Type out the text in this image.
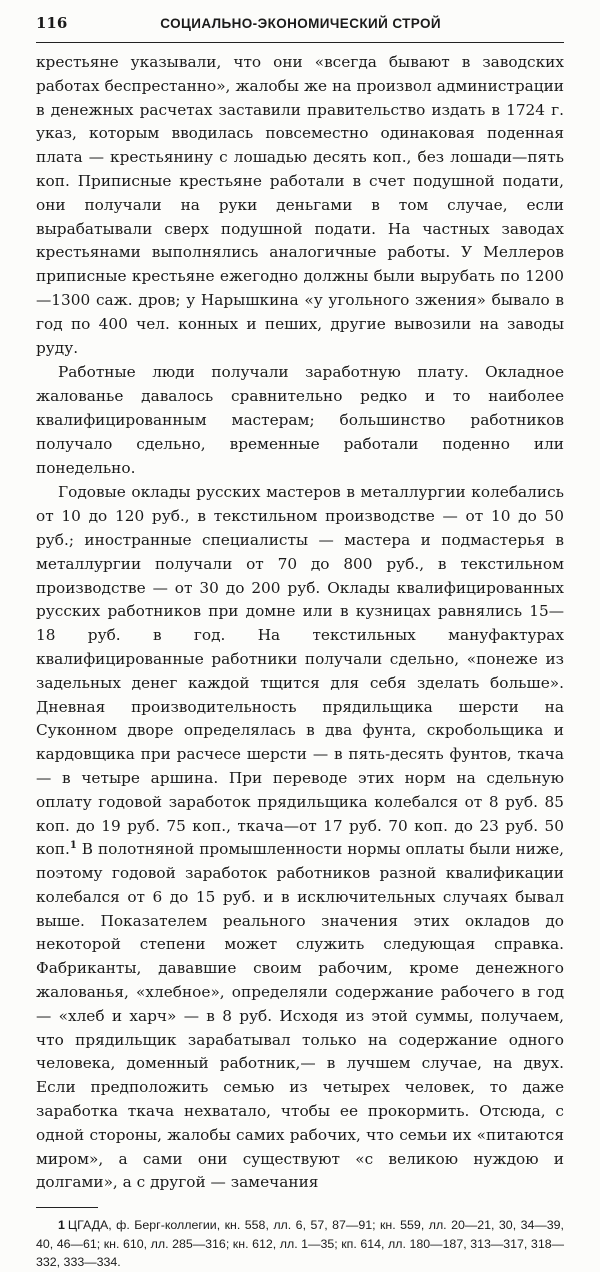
116	СОЦИАЛЬНО-ЭКОНОМИЧЕСКИЙ СТРОЙ

крестьяне указывали, что они «всегда бывают в заводских работах беспрестанно», жалобы же на произвол администрации в денежных расчетах заставили правительство издать в 1724 г. указ, которым вводилась повсеместно одинаковая поденная плата — крестьянину с лошадью десять коп., без лошади—пять коп. Приписные крестьяне работали в счет подушной подати, они получали на руки деньгами в том случае, если вырабатывали сверх подушной подати. На частных заводах крестьянами выполнялись аналогичные работы. У Меллеров приписные крестьяне ежегодно должны были вырубать по 1200—1300 саж. дров; у Нарышкина «у угольного зжения» бывало в год по 400 чел. конных и пеших, другие вывозили на заводы руду.

Работные люди получали заработную плату. Окладное жалованье давалось сравнительно редко и то наиболее квалифицированным мастерам; большинство работников получало сдельно, временные работали поденно или понедельно.

Годовые оклады русских мастеров в металлургии колебались от 10 до 120 руб., в текстильном производстве — от 10 до 50 руб.; иностранные специалисты — мастера и подмастерья в металлургии получали от 70 до 800 руб., в текстильном производстве — от 30 до 200 руб. Оклады квалифицированных русских работников при домне или в кузницах равнялись 15—18 руб. в год. На текстильных мануфактурах квалифицированные работники получали сдельно, «понеже из задельных денег каждой тщится для себя зделать больше». Дневная производительность прядильщика шерсти на Суконном дворе определялась в два фунта, скробольщика и кардовщика при расчесе шерсти — в пять-десять фунтов, ткача — в четыре аршина. При переводе этих норм на сдельную оплату годовой заработок прядильщика колебался от 8 руб. 85 коп. до 19 руб. 75 коп., ткача—от 17 руб. 70 коп. до 23 руб. 50 коп.$^1$ В полотняной промышленности нормы оплаты были ниже, поэтому годовой заработок работников разной квалификации колебался от 6 до 15 руб. и в исключительных случаях бывал выше. Показателем реального значения этих окладов до некоторой степени может служить следующая справка. Фабриканты, дававшие своим рабочим, кроме денежного жалованья, «хлебное», определяли содержание рабочего в год — «хлеб и харч» — в 8 руб. Исходя из этой суммы, получаем, что прядильщик зарабатывал только на содержание одного человека, доменный работник,— в лучшем случае, на двух. Если предположить семью из четырех человек, то даже заработка ткача нехватало, чтобы ее прокормить. Отсюда, с одной стороны, жалобы самих рабочих, что семьи их «питаются миром», а сами они существуют «с великою нуждою и долгами», а с другой — замечания

1 ЦГАДА, ф. Берг-коллегии, кн. 558, лл. 6, 57, 87—91; кн. 559, лл. 20—21, 30, 34—39, 40, 46—61; кн. 610, лл. 285—316; кн. 612, лл. 1—35; кп. 614, лл. 180—187, 313—317, 318—332, 333—334.
